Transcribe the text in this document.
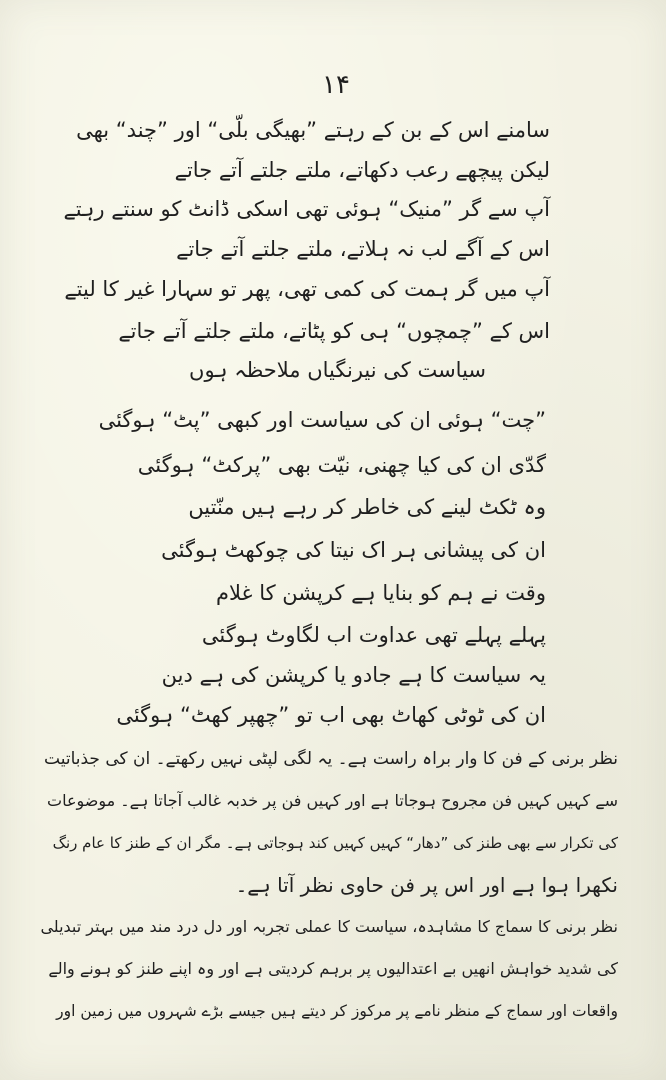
١۴
سامنے اس کے بن کے رہتے ”بھیگی بلّی“ اور ”چند“ بھی
لیکن پیچھے رعب دکھاتے، ملتے جلتے آتے جاتے
آپ سے گر ”منیک“ ہوئی تھی اسکی ڈانٹ کو سنتے رہتے
اس کے آگے لب نہ ہلاتے، ملتے جلتے آتے جاتے
آپ میں گر ہمت کی کمی تھی، پھر تو سہارا غیر کا لیتے
اس کے ”چمچوں“ ہی کو پٹاتے، ملتے جلتے آتے جاتے
سیاست کی نیرنگیاں ملاحظہ ہوں
”چت“ ہوئی ان کی سیاست اور کبھی ”پٹ“ ہوگئی
گدّی ان کی کیا چھنی، نیّت بھی ”پرکٹ“ ہوگئی
وہ ٹکٹ لینے کی خاطر کر رہے ہیں منّتیں
ان کی پیشانی ہر اک نیتا کی چوکھٹ ہوگئی
وقت نے ہم کو بنایا ہے کرپشن کا غلام
پہلے پہلے تھی عداوت اب لگاوٹ ہوگئی
یہ سیاست کا ہے جادو یا کرپشن کی ہے دین
ان کی ٹوٹی کھاٹ بھی اب تو ”چھپر کھٹ“ ہوگئی
نظر برنی کے فن کا وار براہ راست ہے۔ یہ لگی لپٹی نہیں رکھتے۔ ان کی جذباتیت
سے کہیں کہیں فن مجروح ہوجاتا ہے اور کہیں فن پر خدبہ غالب آجاتا ہے۔ موضوعات
کی تکرار سے بھی طنز کی ”دھار“ کہیں کہیں کند ہوجاتی ہے۔ مگر ان کے طنز کا عام رنگ
نکھرا ہوا ہے اور اس پر فن حاوی نظر آتا ہے۔
نظر برنی کا سماج کا مشاہدہ، سیاست کا عملی تجربہ اور دل درد مند میں بہتر تبدیلی
کی شدید خواہش انھیں بے اعتدالیوں پر برہم کردیتی ہے اور وہ اپنے طنز کو ہونے والے
واقعات اور سماج کے منظر نامے پر مرکوز کر دیتے ہیں جیسے بڑے شہروں میں زمین اور
